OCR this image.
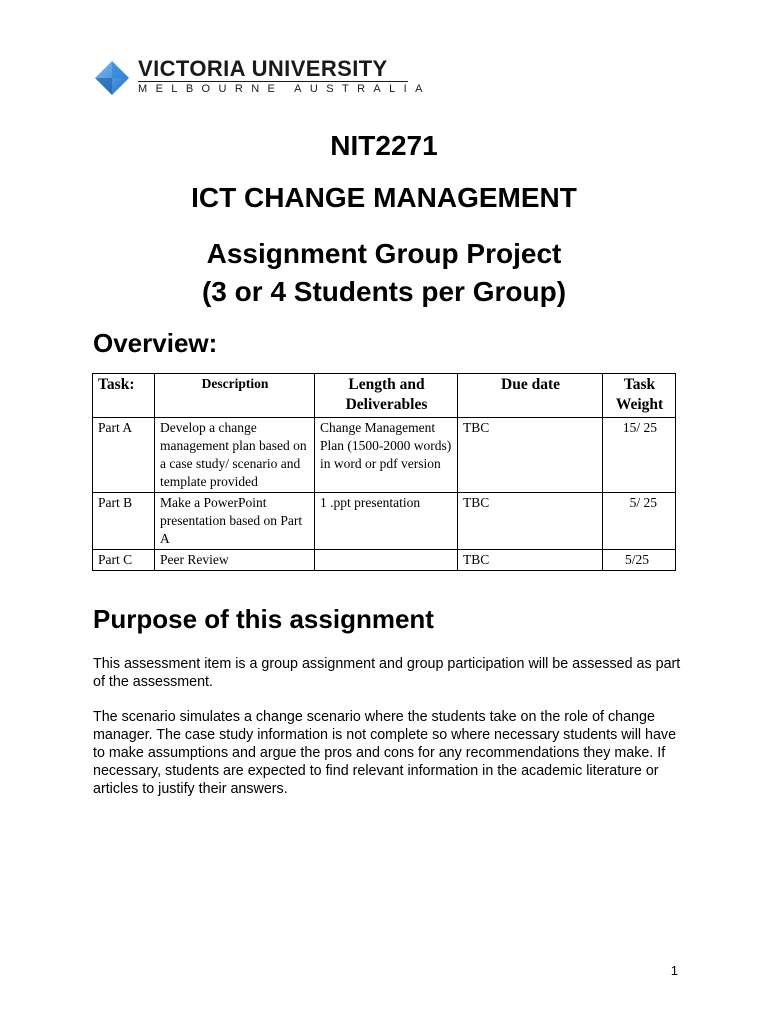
VICTORIA UNIVERSITY
MELBOURNE AUSTRALIA
NIT2271
ICT CHANGE MANAGEMENT
Assignment Group Project
(3 or 4 Students per Group)
Overview:
Task:	Description	Length and Deliverables	Due date	Task Weight
Part A	Develop a change management plan based on a case study/ scenario and template provided	Change Management Plan (1500-2000 words) in word or pdf version	TBC	15/ 25
Part B	Make a PowerPoint presentation based on Part A	1 .ppt presentation	TBC	5/ 25
Part C	Peer Review		TBC	5/25
Purpose of this assignment

This assessment item is a group assignment and group participation will be assessed as part of the assessment.

The scenario simulates a change scenario where the students take on the role of change manager. The case study information is not complete so where necessary students will have to make assumptions and argue the pros and cons for any recommendations they make. If necessary, students are expected to find relevant information in the academic literature or articles to justify their answers.

1
